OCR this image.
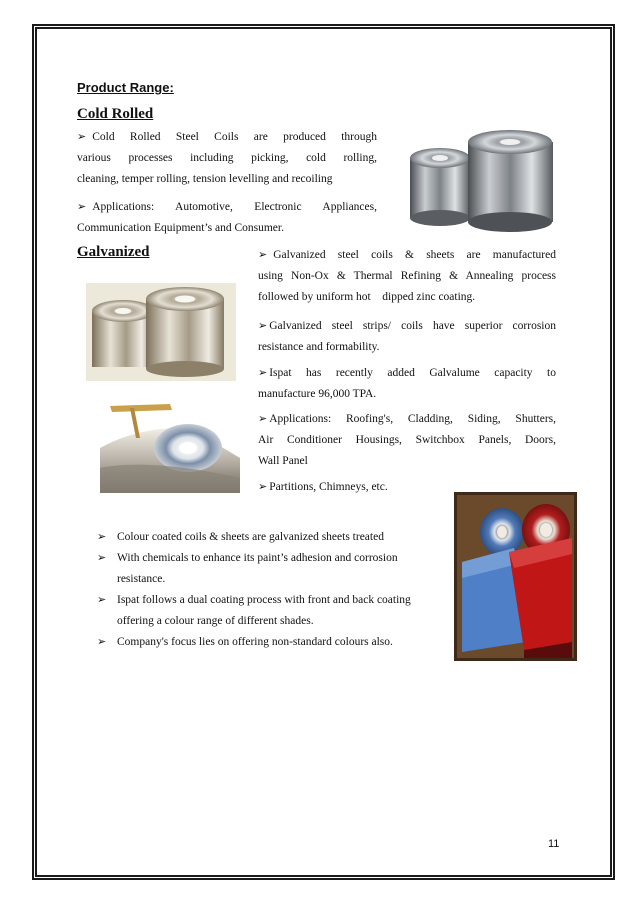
Product Range:
Cold Rolled
➢ Cold Rolled Steel Coils are produced through
various processes including picking, cold rolling,
cleaning, temper rolling, tension levelling and recoiling
➢ Applications: Automotive, Electronic Appliances,
Communication Equipment’s and Consumer.
Galvanized	➢ Galvanized steel coils & sheets are manufactured
using Non-Ox & Thermal Refining & Annealing process
followed by uniform hot    dipped zinc coating.
➢ Galvanized steel strips/ coils have superior corrosion
resistance and formability.
➢ Ispat has recently added Galvalume capacity to
manufacture 96,000 TPA.
➢ Applications: Roofing's, Cladding, Siding, Shutters,
Air Conditioner Housings, Switchbox Panels, Doors,
Wall Panel
➢ Partitions, Chimneys, etc.
➢ Colour coated coils & sheets are galvanized sheets treated
➢ With chemicals to enhance its paint’s adhesion and corrosion
resistance.
➢ Ispat follows a dual coating process with front and back coating
offering a colour range of different shades.
➢ Company's focus lies on offering non-standard colours also.
11
